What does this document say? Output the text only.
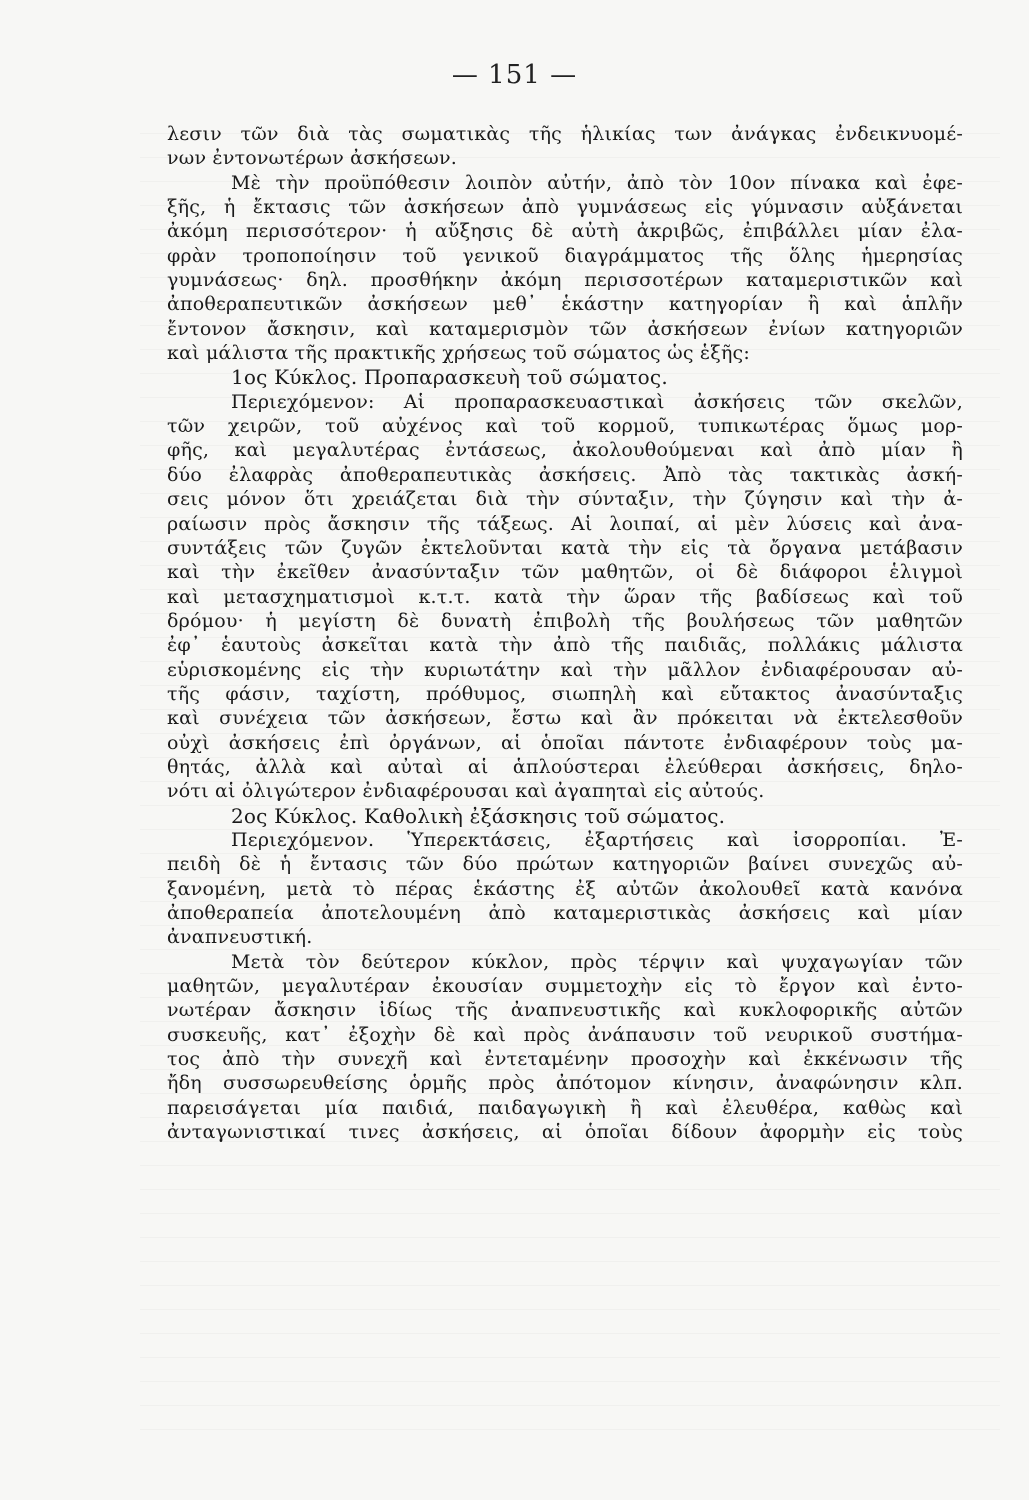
— 151 —
λεσιν τῶν διὰ τὰς σωματικὰς τῆς ἡλικίας των ἀνάγκας ἐνδεικνυομέ-
νων ἐντονωτέρων ἀσκήσεων.
Μὲ τὴν προϋπόθεσιν λοιπὸν αὐτήν, ἀπὸ τὸν 10ον πίνακα καὶ ἐφε-
ξῆς, ἡ ἔκτασις τῶν ἀσκήσεων ἀπὸ γυμνάσεως εἰς γύμνασιν αὐξάνεται
ἀκόμη περισσότερον· ἡ αὔξησις δὲ αὐτὴ ἀκριβῶς, ἐπιβάλλει μίαν ἐλα-
φρὰν τροποποίησιν τοῦ γενικοῦ διαγράμματος τῆς ὅλης ἡμερησίας
γυμνάσεως· δηλ. προσθήκην ἀκόμη περισσοτέρων καταμεριστικῶν καὶ
ἀποθεραπευτικῶν ἀσκήσεων μεθ᾽ ἑκάστην κατηγορίαν ἢ καὶ ἁπλῆν
ἔντονον ἄσκησιν, καὶ καταμερισμὸν τῶν ἀσκήσεων ἐνίων κατηγοριῶν
καὶ μάλιστα τῆς πρακτικῆς χρήσεως τοῦ σώματος ὡς ἑξῆς:
1ος Κύκλος. Προπαρασκευὴ τοῦ σώματος.
Περιεχόμενον: Αἱ προπαρασκευαστικαὶ ἀσκήσεις τῶν σκελῶν,
τῶν χειρῶν, τοῦ αὐχένος καὶ τοῦ κορμοῦ, τυπικωτέρας ὅμως μορ-
φῆς, καὶ μεγαλυτέρας ἐντάσεως, ἀκολουθούμεναι καὶ ἀπὸ μίαν ἢ
δύο ἐλαφρὰς ἀποθεραπευτικὰς ἀσκήσεις. Ἀπὸ τὰς τακτικὰς ἀσκή-
σεις μόνον ὅτι χρειάζεται διὰ τὴν σύνταξιν, τὴν ζύγησιν καὶ τὴν ἀ-
ραίωσιν πρὸς ἄσκησιν τῆς τάξεως. Αἱ λοιπαί, αἱ μὲν λύσεις καὶ ἀνα-
συντάξεις τῶν ζυγῶν ἐκτελοῦνται κατὰ τὴν εἰς τὰ ὄργανα μετάβασιν
καὶ τὴν ἐκεῖθεν ἀνασύνταξιν τῶν μαθητῶν, οἱ δὲ διάφοροι ἑλιγμοὶ
καὶ μετασχηματισμοὶ κ.τ.τ. κατὰ τὴν ὥραν τῆς βαδίσεως καὶ τοῦ
δρόμου· ἡ μεγίστη δὲ δυνατὴ ἐπιβολὴ τῆς βουλήσεως τῶν μαθητῶν
ἐφ᾽ ἑαυτοὺς ἀσκεῖται κατὰ τὴν ἀπὸ τῆς παιδιᾶς, πολλάκις μάλιστα
εὑρισκομένης εἰς τὴν κυριωτάτην καὶ τὴν μᾶλλον ἐνδιαφέρουσαν αὐ-
τῆς φάσιν, ταχίστη, πρόθυμος, σιωπηλὴ καὶ εὔτακτος ἀνασύνταξις
καὶ συνέχεια τῶν ἀσκήσεων, ἔστω καὶ ἂν πρόκειται νὰ ἐκτελεσθοῦν
οὐχὶ ἀσκήσεις ἐπὶ ὀργάνων, αἱ ὁποῖαι πάντοτε ἐνδιαφέρουν τοὺς μα-
θητάς, ἀλλὰ καὶ αὐταὶ αἱ ἁπλούστεραι ἐλεύθεραι ἀσκήσεις, δηλο-
νότι αἱ ὀλιγώτερον ἐνδιαφέρουσαι καὶ ἀγαπηταὶ εἰς αὐτούς.
2ος Κύκλος. Καθολικὴ ἐξάσκησις τοῦ σώματος.
Περιεχόμενον. Ὑπερεκτάσεις, ἐξαρτήσεις καὶ ἰσορροπίαι. Ἐ-
πειδὴ δὲ ἡ ἔντασις τῶν δύο πρώτων κατηγοριῶν βαίνει συνεχῶς αὐ-
ξανομένη, μετὰ τὸ πέρας ἑκάστης ἐξ αὐτῶν ἀκολουθεῖ κατὰ κανόνα
ἀποθεραπεία ἀποτελουμένη ἀπὸ καταμεριστικὰς ἀσκήσεις καὶ μίαν
ἀναπνευστική.
Μετὰ τὸν δεύτερον κύκλον, πρὸς τέρψιν καὶ ψυχαγωγίαν τῶν
μαθητῶν, μεγαλυτέραν ἐκουσίαν συμμετοχὴν εἰς τὸ ἔργον καὶ ἐντο-
νωτέραν ἄσκησιν ἰδίως τῆς ἀναπνευστικῆς καὶ κυκλοφορικῆς αὐτῶν
συσκευῆς, κατ᾽ ἐξοχὴν δὲ καὶ πρὸς ἀνάπαυσιν τοῦ νευρικοῦ συστήμα-
τος ἀπὸ τὴν συνεχῆ καὶ ἐντεταμένην προσοχὴν καὶ ἐκκένωσιν τῆς
ἤδη συσσωρευθείσης ὁρμῆς πρὸς ἀπότομον κίνησιν, ἀναφώνησιν κλπ.
παρεισάγεται μία παιδιά, παιδαγωγικὴ ἢ καὶ ἐλευθέρα, καθὼς καὶ
ἀνταγωνιστικαί τινες ἀσκήσεις, αἱ ὁποῖαι δίδουν ἀφορμὴν εἰς τοὺς
